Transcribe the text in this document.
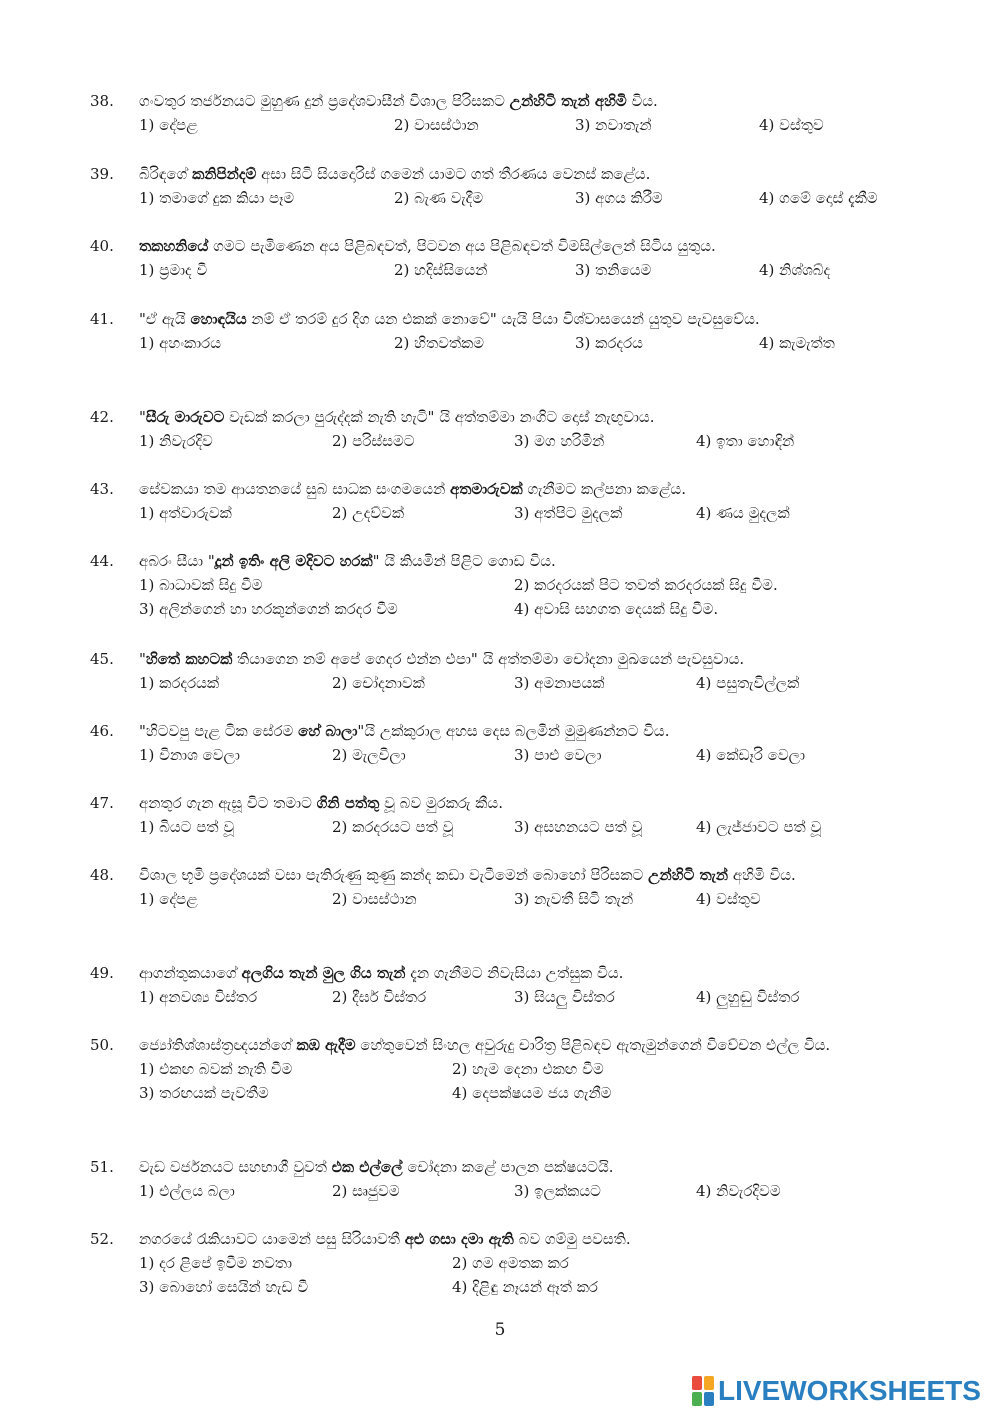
38.	ගංවතුර තර්ජනයට මුහුණ දුන් ප්‍රදේශවාසීන් විශාල පිරිසකට උන්හිටි තැන් අහිමි විය.
1) දේපළ	2) වාසස්ථාන	3) නවාතැන්	4) වස්තුව
39.	බිරිඳගේ කනිපින්දම් අසා සිටි සියදොරිස් ගමෙන් යාමට ගත් තීරණය වෙනස් කළේය.
1) තමාගේ දුක කියා පෑම	2) බැණ වැදීම	3) අගය කිරීම	4) ගමේ දොස් දැකීම
40.	තකහනියේ ගමට පැමිණෙන අය පිළිබඳවත්, පිටවන අය පිළිබඳවත් විමසිල්ලෙන් සිටිය යුතුය.
1) ප්‍රමාද වී	2) හදිස්සියෙන්	3) තනියෙම	4) නිශ්ශබ්ද
41.	"ඒ ඇයි හොඳයිය නම් ඒ තරම් දුර දිග යන එකක් නොවේ" යැයි පියා විශ්වාසයෙන් යුතුව පැවසුවේය.
1) අහංකාරය	2) හිතවත්කම	3) කරදරය	4) කැමැත්ත
42.	"සීරු මාරුවට වැඩක් කරලා පුරුද්දක් නැති හැටි" යි අත්තම්මා නංගිට දොස් නැඟුවාය.
1) නිවැරදිව	2) පරිස්සමට	3) මග හරිමින්	4) ඉතා හොඳින්
43.	සේවකයා තම ආයතනයේ සුබ සාධක සංගමයෙන් අතමාරුවක් ගැනීමට කල්පනා කළේය.
1) අත්වාරුවක්	2) උදව්වක්	3) අත්පිට මුදලක්	4) ණය මුදලක්
44.	අබරං සීයා "දූන් ඉතිං අලි මදිවට හරක්" යි කියමින් පිළිට ගොඩ විය.
1) බාධාවක් සිදු වීම	2) කරදරයක් පිට තවත් කරදරයක් සිදු වීම.
3) අලින්ගෙන් හා හරකුන්ගෙන් කරදර වීම	4) අවාසි සහගත දෙයක් සිදු වීම.
45.	"හිතේ කහටක් තියාගෙන නම් අපේ ගෙදර එන්න එපා" යි අත්තම්මා චෝදනා මුඛයෙන් පැවසුවාය.
1) කරදරයක්	2) චෝදනාවක්	3) අමනාපයක්	4) පසුතැවිල්ලක්
46.	"හිටවපු පැළ ටික සේරම හේ බාලා"යි උක්කුරාල අහස දෙස බලමින් මුමුණන්නට විය.
1) විනාශ වෙලා	2) මැලවීලා	3) පාළු වෙලා	4) කේඩෑරි වෙලා
47.	අනතුර ගැන ඇසූ විට තමාට ගිනි පත්තු වූ බව මුරකරු කීය.
1) බියට පත් වූ	2) කරදරයට පත් වූ	3) අසහනයට පත් වූ	4) ලැජ්ජාවට පත් වූ
48.	විශාල භූමි ප්‍රදේශයක් වසා පැතිරුණු කුණු කන්ද කඩා වැටීමෙන් බොහෝ පිරිසකට උන්හිටි තැන් අහිමි විය.
1) දේපළ	2) වාසස්ථාන	3) නැවතී සිටි තැන්	4) වස්තුව
49.	ආගන්තුකයාගේ අලගිය තැන් මුල ගිය තැන් දැන ගැනීමට නිවැසියා උත්සුක විය.
1) අනවශ්‍ය විස්තර	2) දීර්ඝ විස්තර	3) සියලු විස්තර	4) ලුහුඬු විස්තර
50.	ජ්‍යෝතිශ්ශාස්ත්‍රඥයන්ගේ කඹ ඇදීම හේතුවෙන් සිංහල අවුරුදු චාරිත්‍ර පිළිබඳව ඇතැමුන්ගෙන් විවේචන එල්ල විය.
1) එකඟ බවක් නැති වීම	2) හැම දෙනා එකඟ වීම
3) තරඟයක් පැවතීම	4) දෙපක්ෂයම ජය ගැනීම
51.	වැඩ වර්ජනයට සහභාගී වුවත් එක එල්ලේ චෝදනා කළේ පාලන පක්ෂයටයි.
1) එල්ලය බලා	2) සෘජුවම	3) ඉලක්කයට	4) නිවැරදිවම
52.	නගරයේ රැකියාවට යාමෙන් පසු සිරියාවතී අළු ගසා දමා ඇති බව ගම්මු පවසති.
1) දර ළිපේ ඉවීම නවතා	2) ගම අමතක කර
3) බොහෝ සෙයින් හැඩ වී	4) දිළිඳු නෑයන් ඈත් කර
5
LIVEWORKSHEETS
